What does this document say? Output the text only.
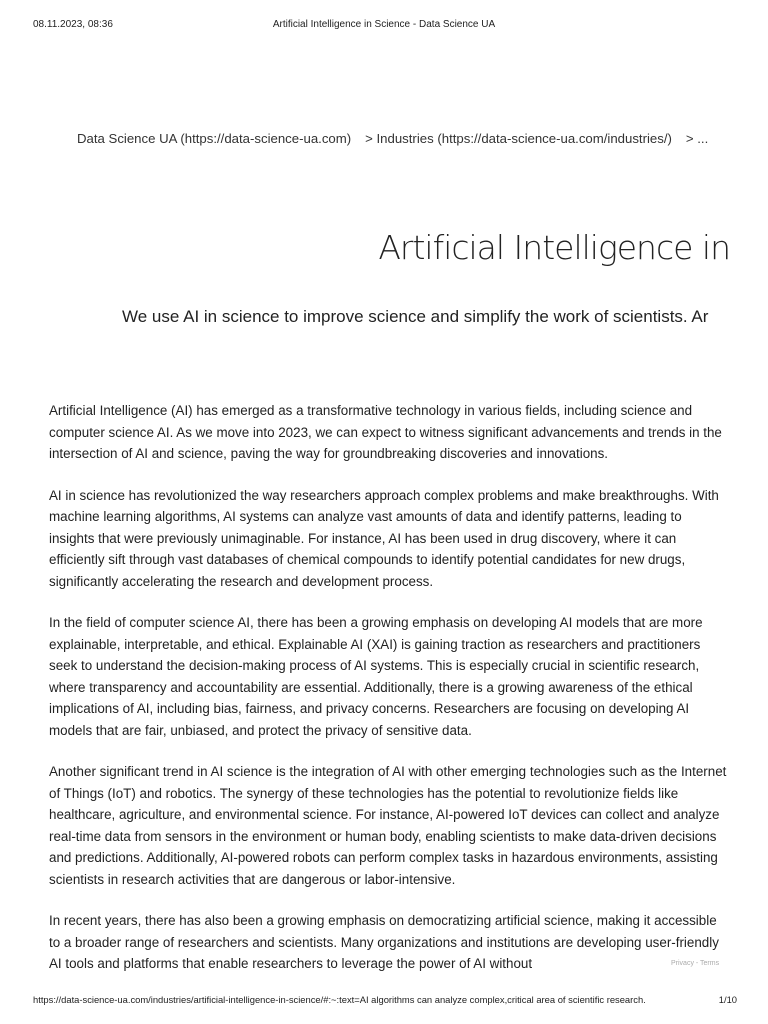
08.11.2023, 08:36	Artificial Intelligence in Science - Data Science UA
Data Science UA (https://data-science-ua.com) > Industries (https://data-science-ua.com/industries/) > ...
Artificial Intelligence in
We use AI in science to improve science and simplify the work of scientists. Ar

Artificial Intelligence (AI) has emerged as a transformative technology in various fields, including science and computer science AI. As we move into 2023, we can expect to witness significant advancements and trends in the intersection of AI and science, paving the way for groundbreaking discoveries and innovations.

AI in science has revolutionized the way researchers approach complex problems and make breakthroughs. With machine learning algorithms, AI systems can analyze vast amounts of data and identify patterns, leading to insights that were previously unimaginable. For instance, AI has been used in drug discovery, where it can efficiently sift through vast databases of chemical compounds to identify potential candidates for new drugs, significantly accelerating the research and development process.

In the field of computer science AI, there has been a growing emphasis on developing AI models that are more explainable, interpretable, and ethical. Explainable AI (XAI) is gaining traction as researchers and practitioners seek to understand the decision-making process of AI systems. This is especially crucial in scientific research, where transparency and accountability are essential. Additionally, there is a growing awareness of the ethical implications of AI, including bias, fairness, and privacy concerns. Researchers are focusing on developing AI models that are fair, unbiased, and protect the privacy of sensitive data.

Another significant trend in AI science is the integration of AI with other emerging technologies such as the Internet of Things (IoT) and robotics. The synergy of these technologies has the potential to revolutionize fields like healthcare, agriculture, and environmental science. For instance, AI-powered IoT devices can collect and analyze real-time data from sensors in the environment or human body, enabling scientists to make data-driven decisions and predictions. Additionally, AI-powered robots can perform complex tasks in hazardous environments, assisting scientists in research activities that are dangerous or labor-intensive.

In recent years, there has also been a growing emphasis on democratizing artificial science, making it accessible to a broader range of researchers and scientists. Many organizations and institutions are developing user-friendly AI tools and platforms that enable researchers to leverage the power of AI without	Privacy - Terms
https://data-science-ua.com/industries/artificial-intelligence-in-science/#:~:text=AI algorithms can analyze complex,critical area of scientific research.	1/10
